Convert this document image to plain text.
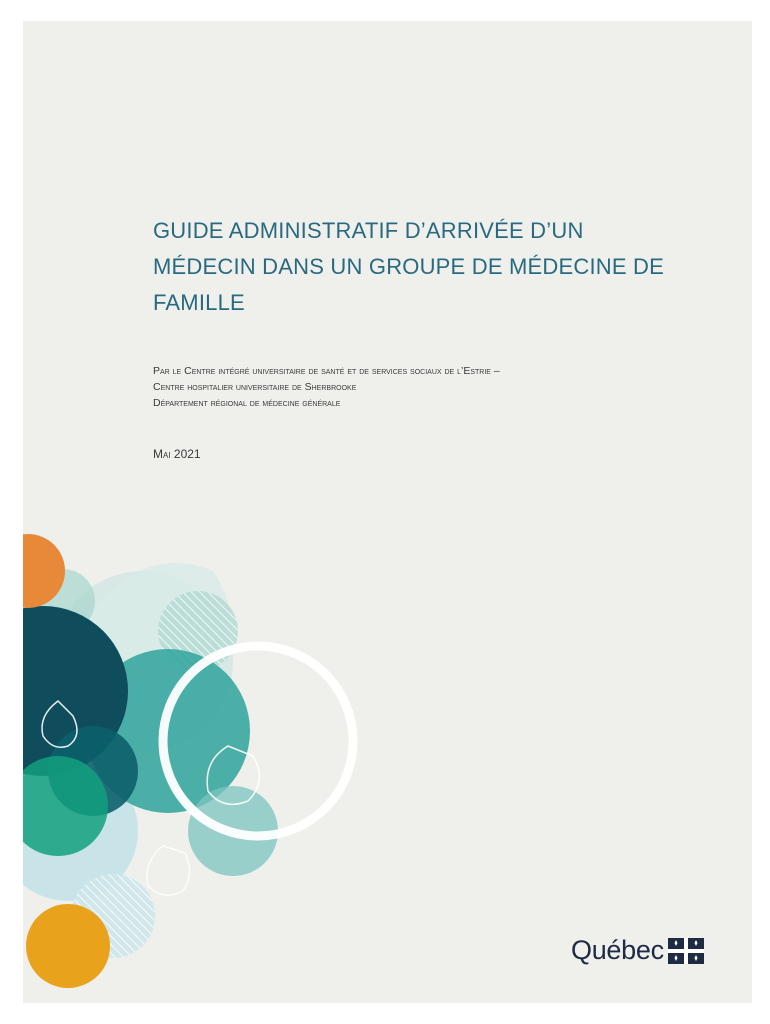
GUIDE ADMINISTRATIF D’ARRIVÉE D’UN
MÉDECIN DANS UN GROUPE DE MÉDECINE DE
FAMILLE
Par le Centre intégré universitaire de santé et de services sociaux de l’Estrie –
Centre hospitalier universitaire de Sherbrooke
Département régional de médecine générale
Mai 2021
Québec
